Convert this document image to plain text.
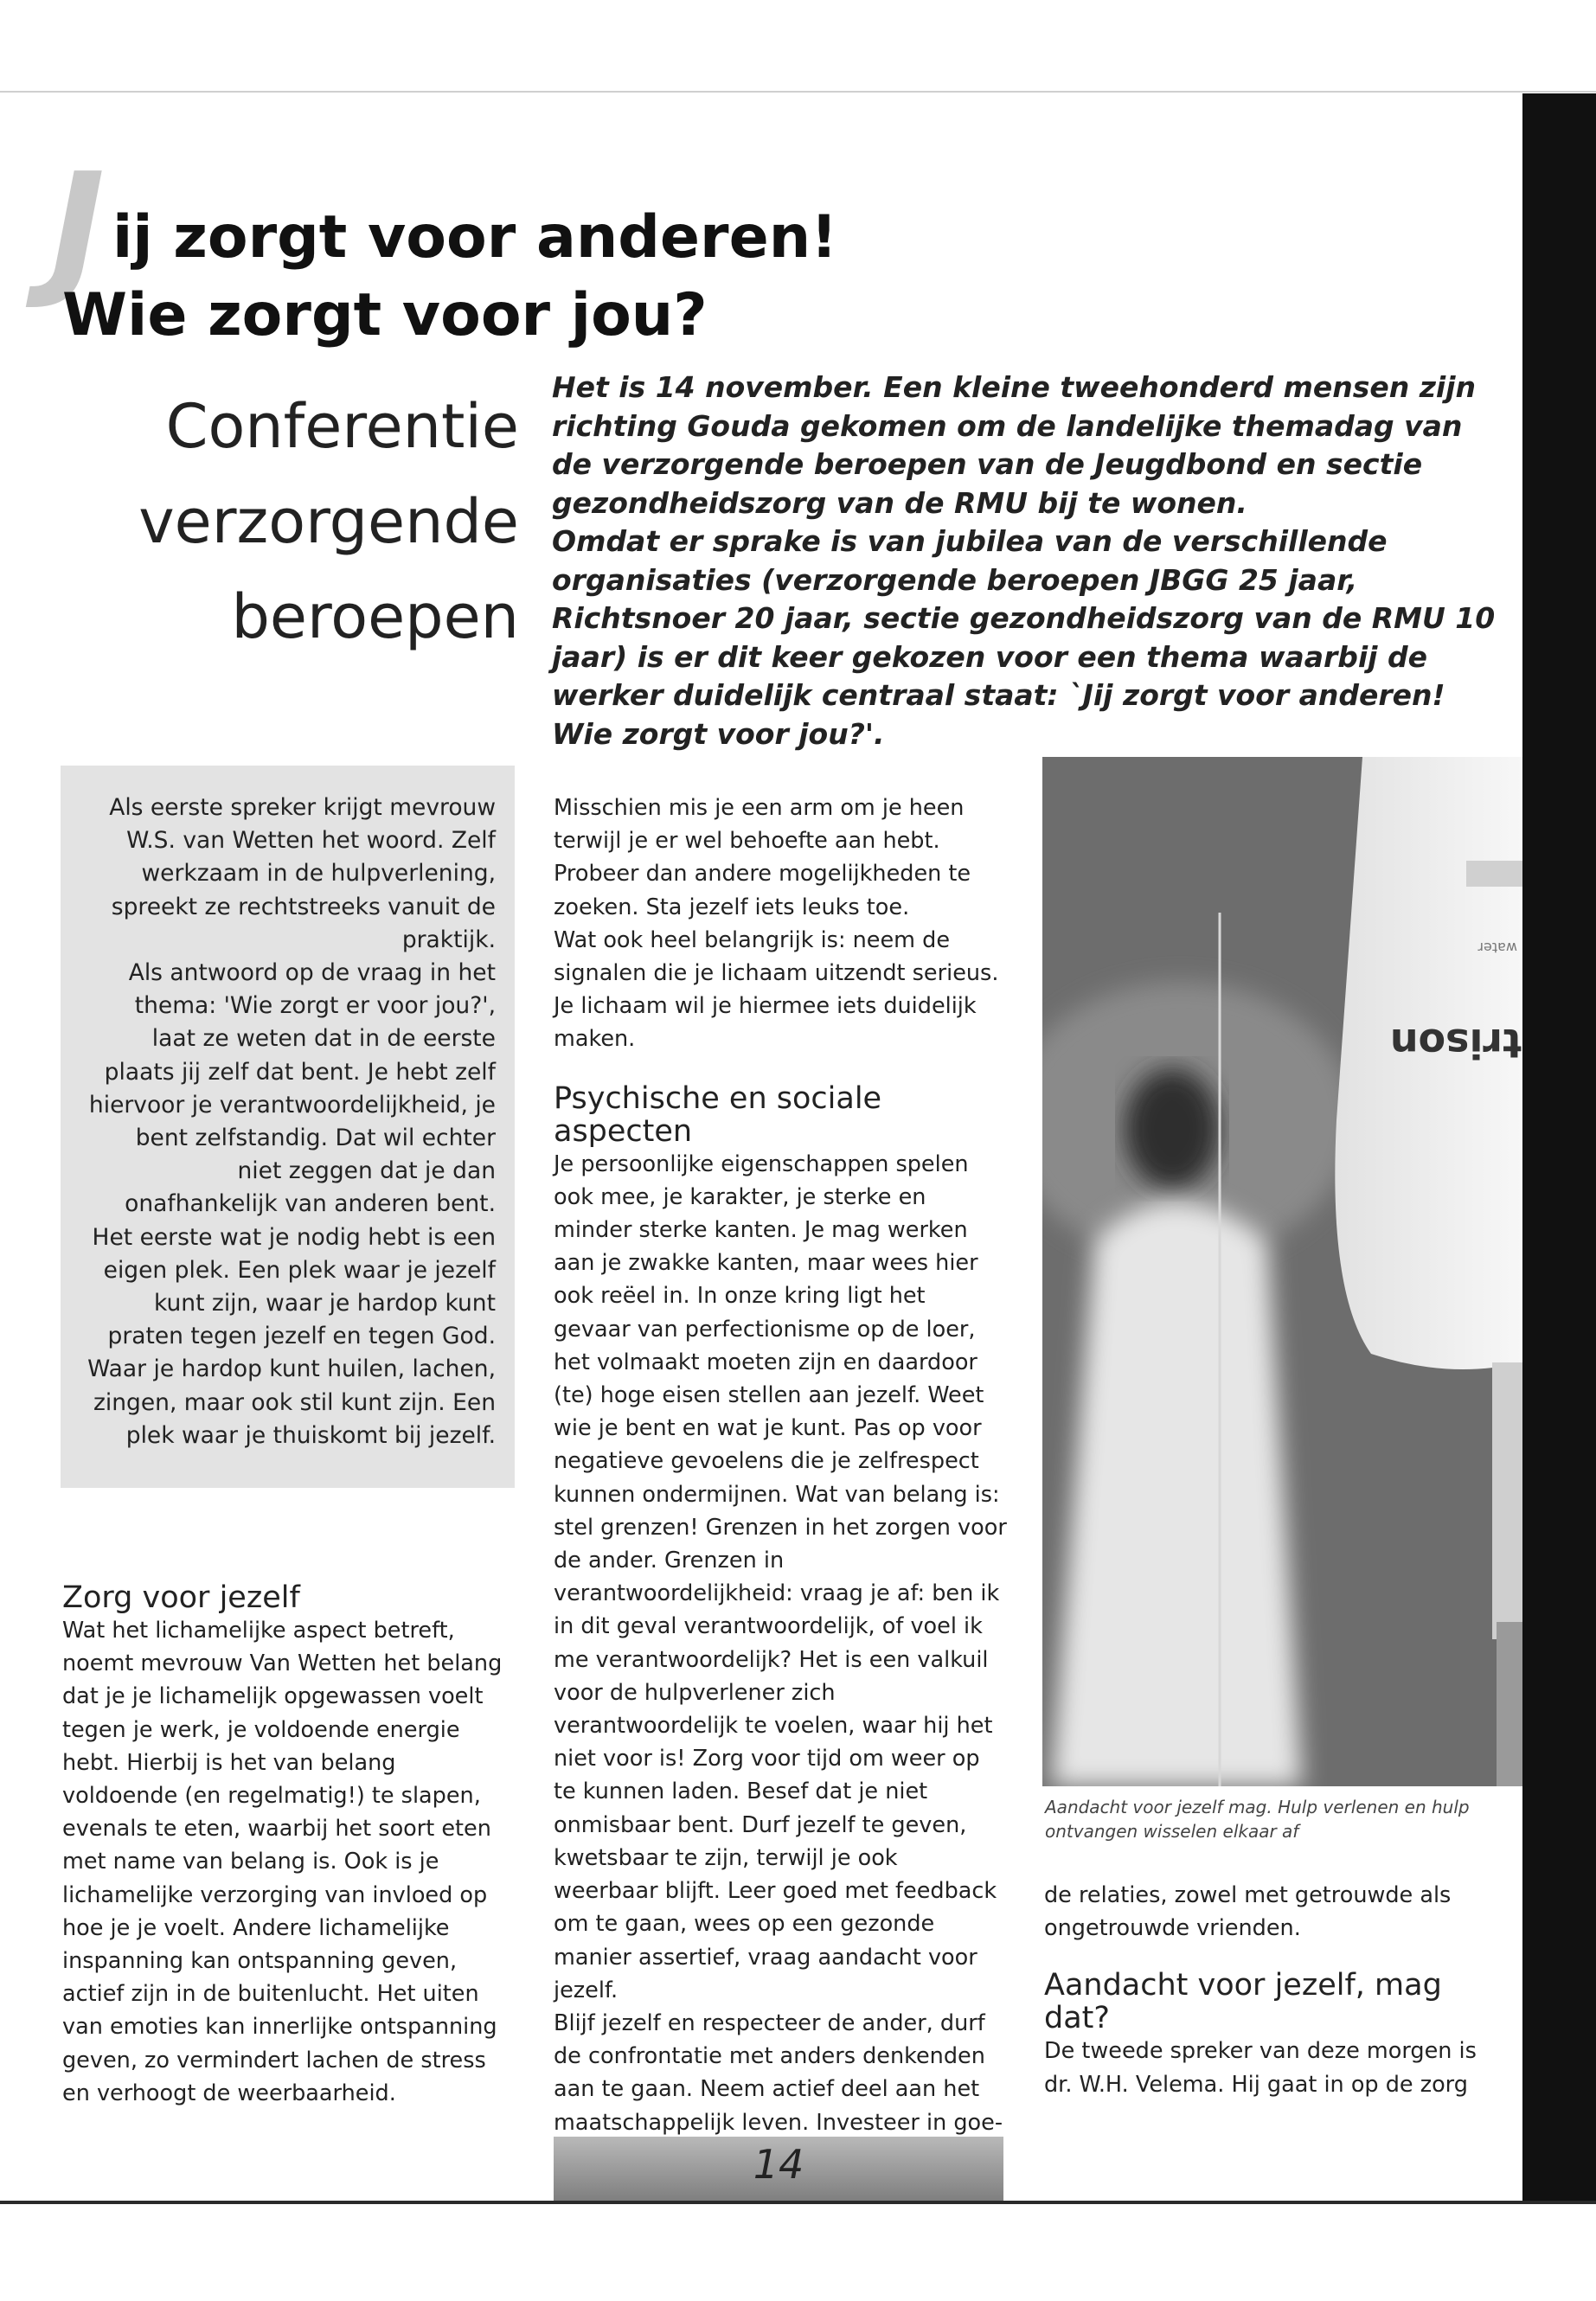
J ij zorgt voor anderen!
Wie zorgt voor jou?
Conferentie
verzorgende
beroepen

Het is 14 november. Een kleine tweehonderd mensen zijn richting Gouda gekomen om de landelijke themadag van de verzorgende beroepen van de Jeugdbond en sectie gezondheidszorg van de RMU bij te wonen.

Omdat er sprake is van jubilea van de verschillende organisaties (verzorgende beroepen JBGG 25 jaar, Richtsnoer 20 jaar, sectie gezondheidszorg van de RMU 10 jaar) is er dit keer gekozen voor een thema waarbij de werker duidelijk centraal staat: `Jij zorgt voor anderen! Wie zorgt voor jou?'.

Als eerste spreker krijgt mevrouw W.S. van Wetten het woord. Zelf werkzaam in de hulpverlening, spreekt ze rechtstreeks vanuit de praktijk.

Als antwoord op de vraag in het thema: 'Wie zorgt er voor jou?', laat ze weten dat in de eerste plaats jij zelf dat bent. Je hebt zelf hiervoor je verantwoordelijkheid, je bent zelfstandig. Dat wil echter niet zeggen dat je dan onafhankelijk van anderen bent.

Het eerste wat je nodig hebt is een eigen plek. Een plek waar je jezelf kunt zijn, waar je hardop kunt praten tegen jezelf en tegen God. Waar je hardop kunt huilen, lachen, zingen, maar ook stil kunt zijn. Een plek waar je thuiskomt bij jezelf.

Zorg voor jezelf

Wat het lichamelijke aspect betreft, noemt mevrouw Van Wetten het belang dat je je lichamelijk opgewassen voelt tegen je werk, je voldoende energie hebt. Hierbij is het van belang voldoende (en regelmatig!) te slapen, evenals te eten, waarbij het soort eten met name van belang is. Ook is je lichamelijke verzorging van invloed op hoe je je voelt. Andere lichamelijke inspanning kan ontspanning geven, actief zijn in de buitenlucht. Het uiten van emoties kan innerlijke ontspanning geven, zo vermindert lachen de stress en verhoogt de weerbaarheid.

Misschien mis je een arm om je heen terwijl je er wel behoefte aan hebt. Probeer dan andere mogelijkheden te zoeken. Sta jezelf iets leuks toe.

Wat ook heel belangrijk is: neem de signalen die je lichaam uitzendt serieus. Je lichaam wil je hiermee iets duidelijk maken.

Psychische en sociale aspecten

Je persoonlijke eigenschappen spelen ook mee, je karakter, je sterke en minder sterke kanten. Je mag werken aan je zwakke kanten, maar wees hier ook reëel in. In onze kring ligt het gevaar van perfectionisme op de loer, het volmaakt moeten zijn en daardoor (te) hoge eisen stellen aan jezelf. Weet wie je bent en wat je kunt. Pas op voor negatieve gevoelens die je zelfrespect kunnen ondermijnen. Wat van belang is: stel grenzen! Grenzen in het zorgen voor de ander. Grenzen in verantwoordelijkheid: vraag je af: ben ik in dit geval verantwoordelijk, of voel ik me verantwoordelijk? Het is een valkuil voor de hulpverlener zich verantwoordelijk te voelen, waar hij het niet voor is! Zorg voor tijd om weer op te kunnen laden. Besef dat je niet onmisbaar bent. Durf jezelf te geven, kwetsbaar te zijn, terwijl je ook weerbaar blijft. Leer goed met feedback om te gaan, wees op een gezonde manier assertief, vraag aandacht voor jezelf.

Blijf jezelf en respecteer de ander, durf de confrontatie met anders denkenden aan te gaan. Neem actief deel aan het maatschappelijk leven. Investeer in goe-

water
trison

Aandacht voor jezelf mag. Hulp verlenen en hulp ontvangen wisselen elkaar af

de relaties, zowel met getrouwde als ongetrouwde vrienden.

Aandacht voor jezelf, mag dat?

De tweede spreker van deze morgen is dr. W.H. Velema. Hij gaat in op de zorg

14
